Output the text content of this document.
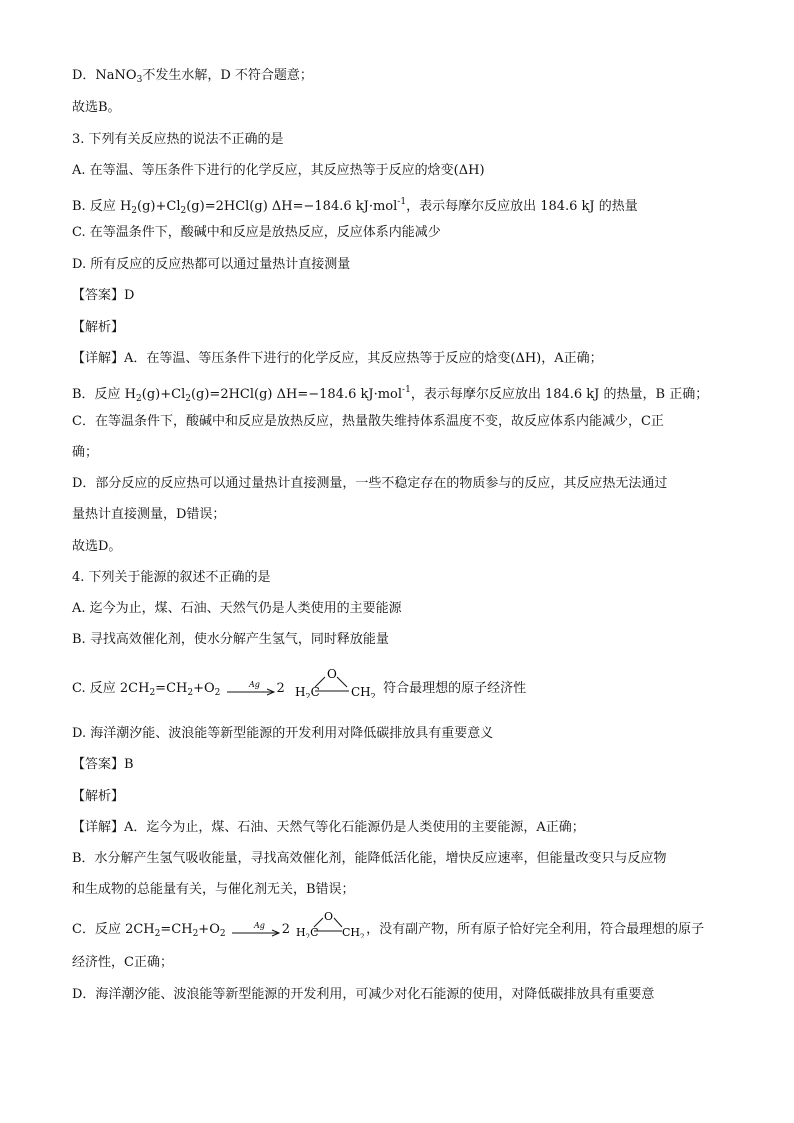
D．NaNO$_3$不发生水解，D 不符合题意；
故选B。
3. 下列有关反应热的说法不正确的是
A. 在等温、等压条件下进行的化学反应，其反应热等于反应的焓变(ΔH)
B. 反应 $H_2(g)+Cl_2(g)=2HCl(g)$ ΔH=−184.6 kJ·mol$^{-1}$，表示每摩尔反应放出 184.6 kJ 的热量
C. 在等温条件下，酸碱中和反应是放热反应，反应体系内能减少
D. 所有反应的反应热都可以通过量热计直接测量
【答案】D
【解析】
【详解】A．在等温、等压条件下进行的化学反应，其反应热等于反应的焓变(ΔH)，A正确；
B．反应 $H_2(g)+Cl_2(g)=2HCl(g)$ ΔH=−184.6 kJ·mol$^{-1}$，表示每摩尔反应放出 184.6 kJ 的热量，B 正确；
C．在等温条件下，酸碱中和反应是放热反应，热量散失维持体系温度不变，故反应体系内能减少，C正
确；
D．部分反应的反应热可以通过量热计直接测量，一些不稳定存在的物质参与的反应，其反应热无法通过
量热计直接测量，D错误；
故选D。
4. 下列关于能源的叙述不正确的是
A. 迄今为止，煤、石油、天然气仍是人类使用的主要能源
B. 寻找高效催化剂，使水分解产生氢气，同时释放能量
C. 反应 $2CH_2=CH_2+O_2$
Ag 2
O
$H_2C$	$CH_2$
符合最理想的原子经济性
D. 海洋潮汐能、波浪能等新型能源的开发利用对降低碳排放具有重要意义
【答案】B
【解析】
【详解】A．迄今为止，煤、石油、天然气等化石能源仍是人类使用的主要能源，A正确；
B．水分解产生氢气吸收能量，寻找高效催化剂，能降低活化能，增快反应速率，但能量改变只与反应物
和生成物的总能量有关，与催化剂无关，B错误；
C．反应 $2CH_2=CH_2+O_2$
Ag 2
O
$H_2C$ $CH_2$ ，没有副产物，所有原子恰好完全利用，符合最理想的原子
经济性，C正确；
D．海洋潮汐能、波浪能等新型能源的开发利用，可减少对化石能源的使用，对降低碳排放具有重要意
